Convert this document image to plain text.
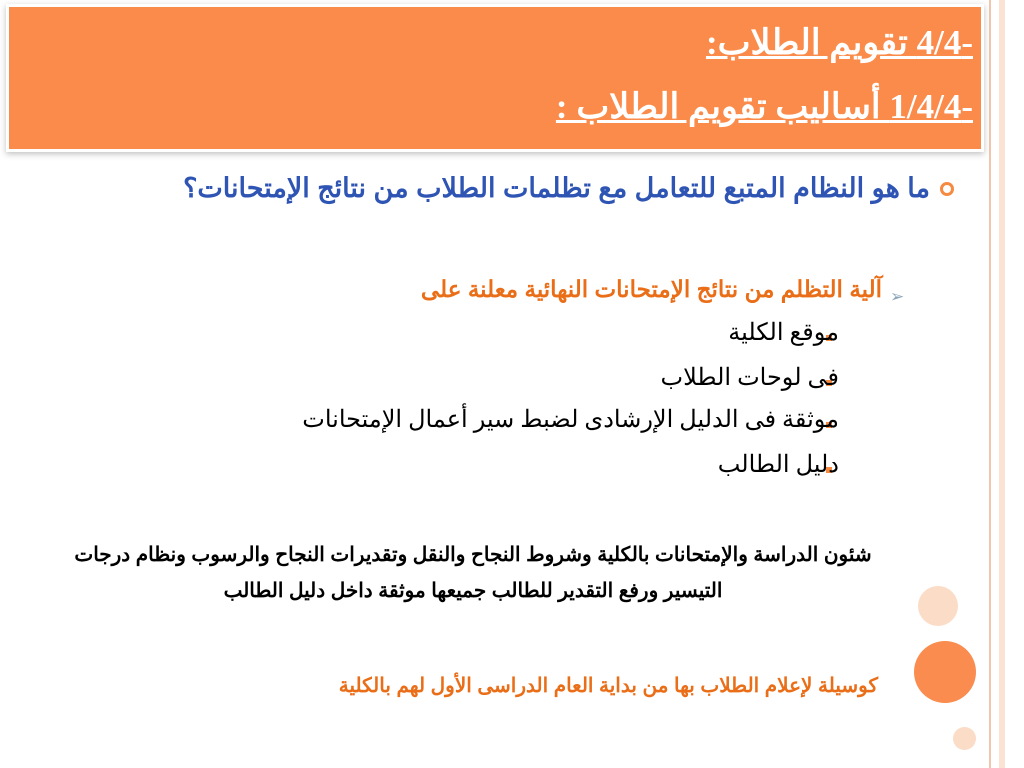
-4/4 تقويم الطلاب:
-1/4/4 أساليب تقويم الطلاب :
ما هو النظام المتبع للتعامل مع تظلمات الطلاب من نتائج الإمتحانات؟
➢
آلية التظلم من نتائج الإمتحانات النهائية معلنة على
موقع الكلية
فى لوحات الطلاب
موثقة فى الدليل الإرشادى لضبط سير أعمال الإمتحانات
دليل الطالب
شئون الدراسة والإمتحانات بالكلية وشروط النجاح والنقل وتقديرات النجاح والرسوب ونظام درجات التيسير ورفع التقدير للطالب جميعها موثقة داخل دليل الطالب
كوسيلة لإعلام الطلاب بها من بداية العام الدراسى الأول لهم بالكلية
